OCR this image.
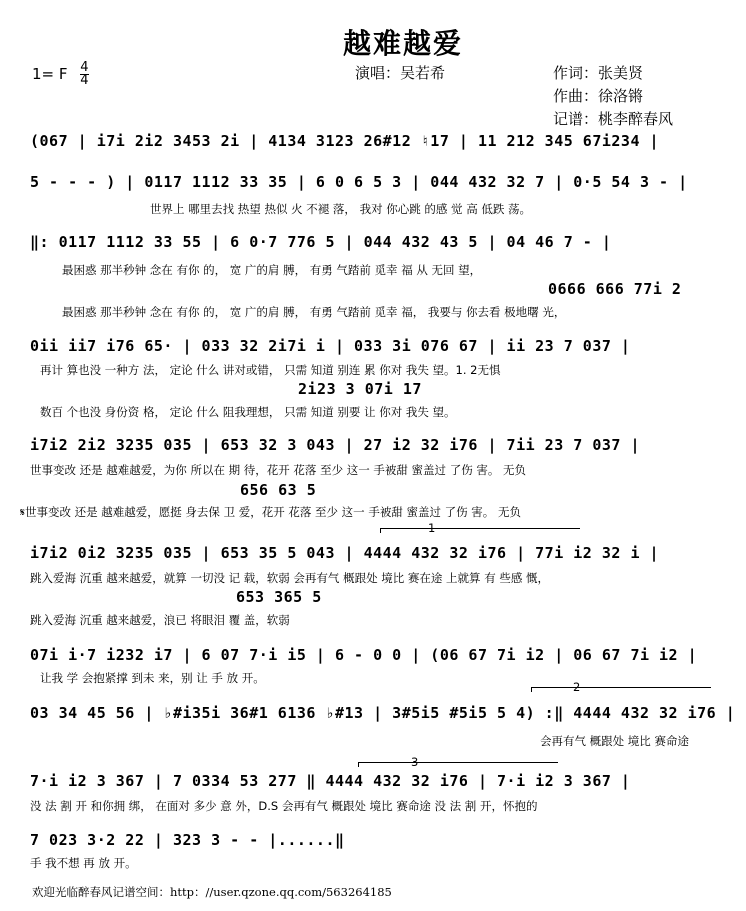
越难越爱
1= F $\frac{4}{4}$	演唱：吴若希	作词：张美贤
作曲：徐洛锵
记谱：桃李醉春风
(067 | i7i 2i2 3453 2i | 4134 3123 26#12 ♮17 | 11 212 345 67i234 |
5 - - - ) | 0117 1112 33 35 | 6 0 6 5 3 | 044 432 32 7 | 0·5 54 3 - |
世界上 哪里去找 热望 热似 火 不褪 落， 我对 你心跳 的感 觉 高 低跌 荡。
‖: 0117 1112 33 55 | 6 0·7 776 5 | 044 432 43 5 | 04 46 7 - |
最困惑 那半秒钟 念在 有你 的， 宽 广的肩 膊， 有勇 气踏前 觅幸 福 从 无回 望，
0666 666 77i 2
最困惑 那半秒钟 念在 有你 的， 宽 广的肩 膊， 有勇 气踏前 觅幸 福， 我要与 你去看 极地曙 光，
0ii ii7 i76 65· | 033 32 2i7i i | 033 3i 076 67 | ii 23 7 037 |
再计 算也没 一种方 法， 定论 什么 讲对或错， 只需 知道 别连 累 你对 我失 望。1. 2无惧
2i23 3 07i 17
数百 个也没 身份资 格， 定论 什么 阻我理想， 只需 知道 别要 让 你对 我失 望。
i7i2 2i2 3235 035 | 653 32 3 043 | 27 i2 32 i76 | 7ii 23 7 037 |
世事变改 还是 越难越爱，为你 所以在 期 待，花开 花落 至少 这一 手被甜 蜜盖过 了伤 害。 无负
656 63 5
𝄋世事变改 还是 越难越爱，愿挺 身去保 卫 爱，花开 花落 至少 这一 手被甜 蜜盖过 了伤 害。 无负
1
i7i2 0i2 3235 035 | 653 35 5 043 | 4444 432 32 i76 | 77i i2 32 i |
跳入爱海 沉重 越来越爱，就算 一切没 记 载，软弱 会再有气 概跟处 境比 赛在途 上就算 有 些感 慨，
653 365 5
跳入爱海 沉重 越来越爱，浪已 将眼泪 覆 盖，软弱
07i i·7 i232 i7 | 6 07 7·i i5 | 6 - 0 0 | (06 67 7i i2 | 06 67 7i i2 |
让我 学 会抱紧撑 到未 来，别 让 手 放 开。
2
03 34 45 56 | ♭#i35i 36#1 6136 ♭#13 | 3#5i5 #5i5 5 4) :‖ 4444 432 32 i76 |
会再有气 概跟处 境比 赛命途
3
7·i i2 3 367 | 7 0334 53 277 ‖ 4444 432 32 i76 | 7·i i2 3 367 |
没 法 割 开 和你拥 绑， 在面对 多少 意 外，D.S 会再有气 概跟处 境比 赛命途 没 法 割 开，怀抱的
7 023 3·2 22 | 323 3 - - |......‖
手 我不想 再 放 开。
欢迎光临醉春风记谱空间：http：//user.qzone.qq.com/563264185
